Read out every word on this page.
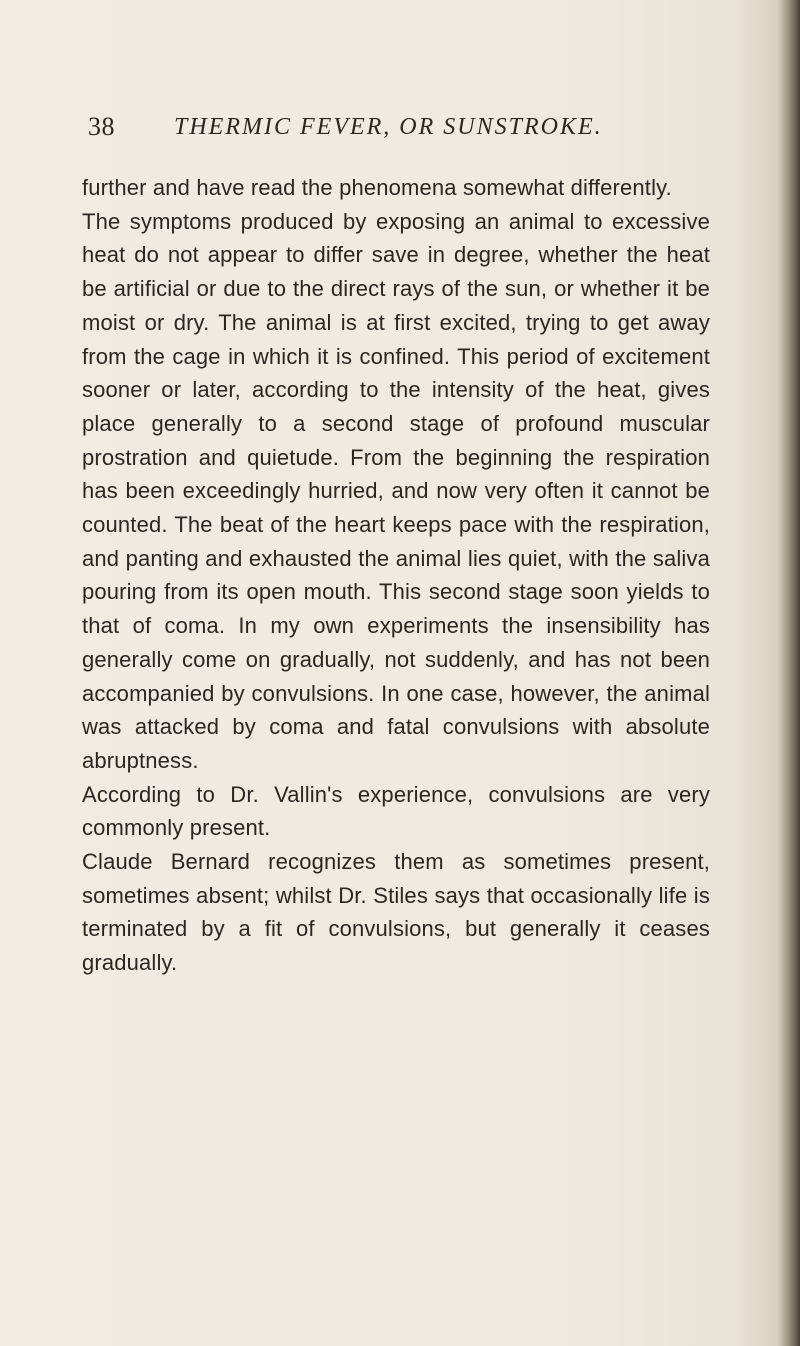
38 THERMIC FEVER, OR SUNSTROKE.

further and have read the phenomena somewhat differently.

The symptoms produced by exposing an animal to excessive heat do not appear to differ save in degree, whether the heat be artificial or due to the direct rays of the sun, or whether it be moist or dry. The animal is at first excited, trying to get away from the cage in which it is confined. This period of excitement sooner or later, according to the intensity of the heat, gives place generally to a second stage of profound muscular prostration and quietude. From the beginning the respiration has been exceedingly hurried, and now very often it cannot be counted. The beat of the heart keeps pace with the respiration, and panting and exhausted the animal lies quiet, with the saliva pouring from its open mouth. This second stage soon yields to that of coma. In my own experiments the insensibility has generally come on gradually, not suddenly, and has not been accompanied by convulsions. In one case, however, the animal was attacked by coma and fatal convulsions with absolute abruptness.

According to Dr. Vallin's experience, convulsions are very commonly present.

Claude Bernard recognizes them as sometimes present, sometimes absent; whilst Dr. Stiles says that occasionally life is terminated by a fit of convulsions, but generally it ceases gradually.
